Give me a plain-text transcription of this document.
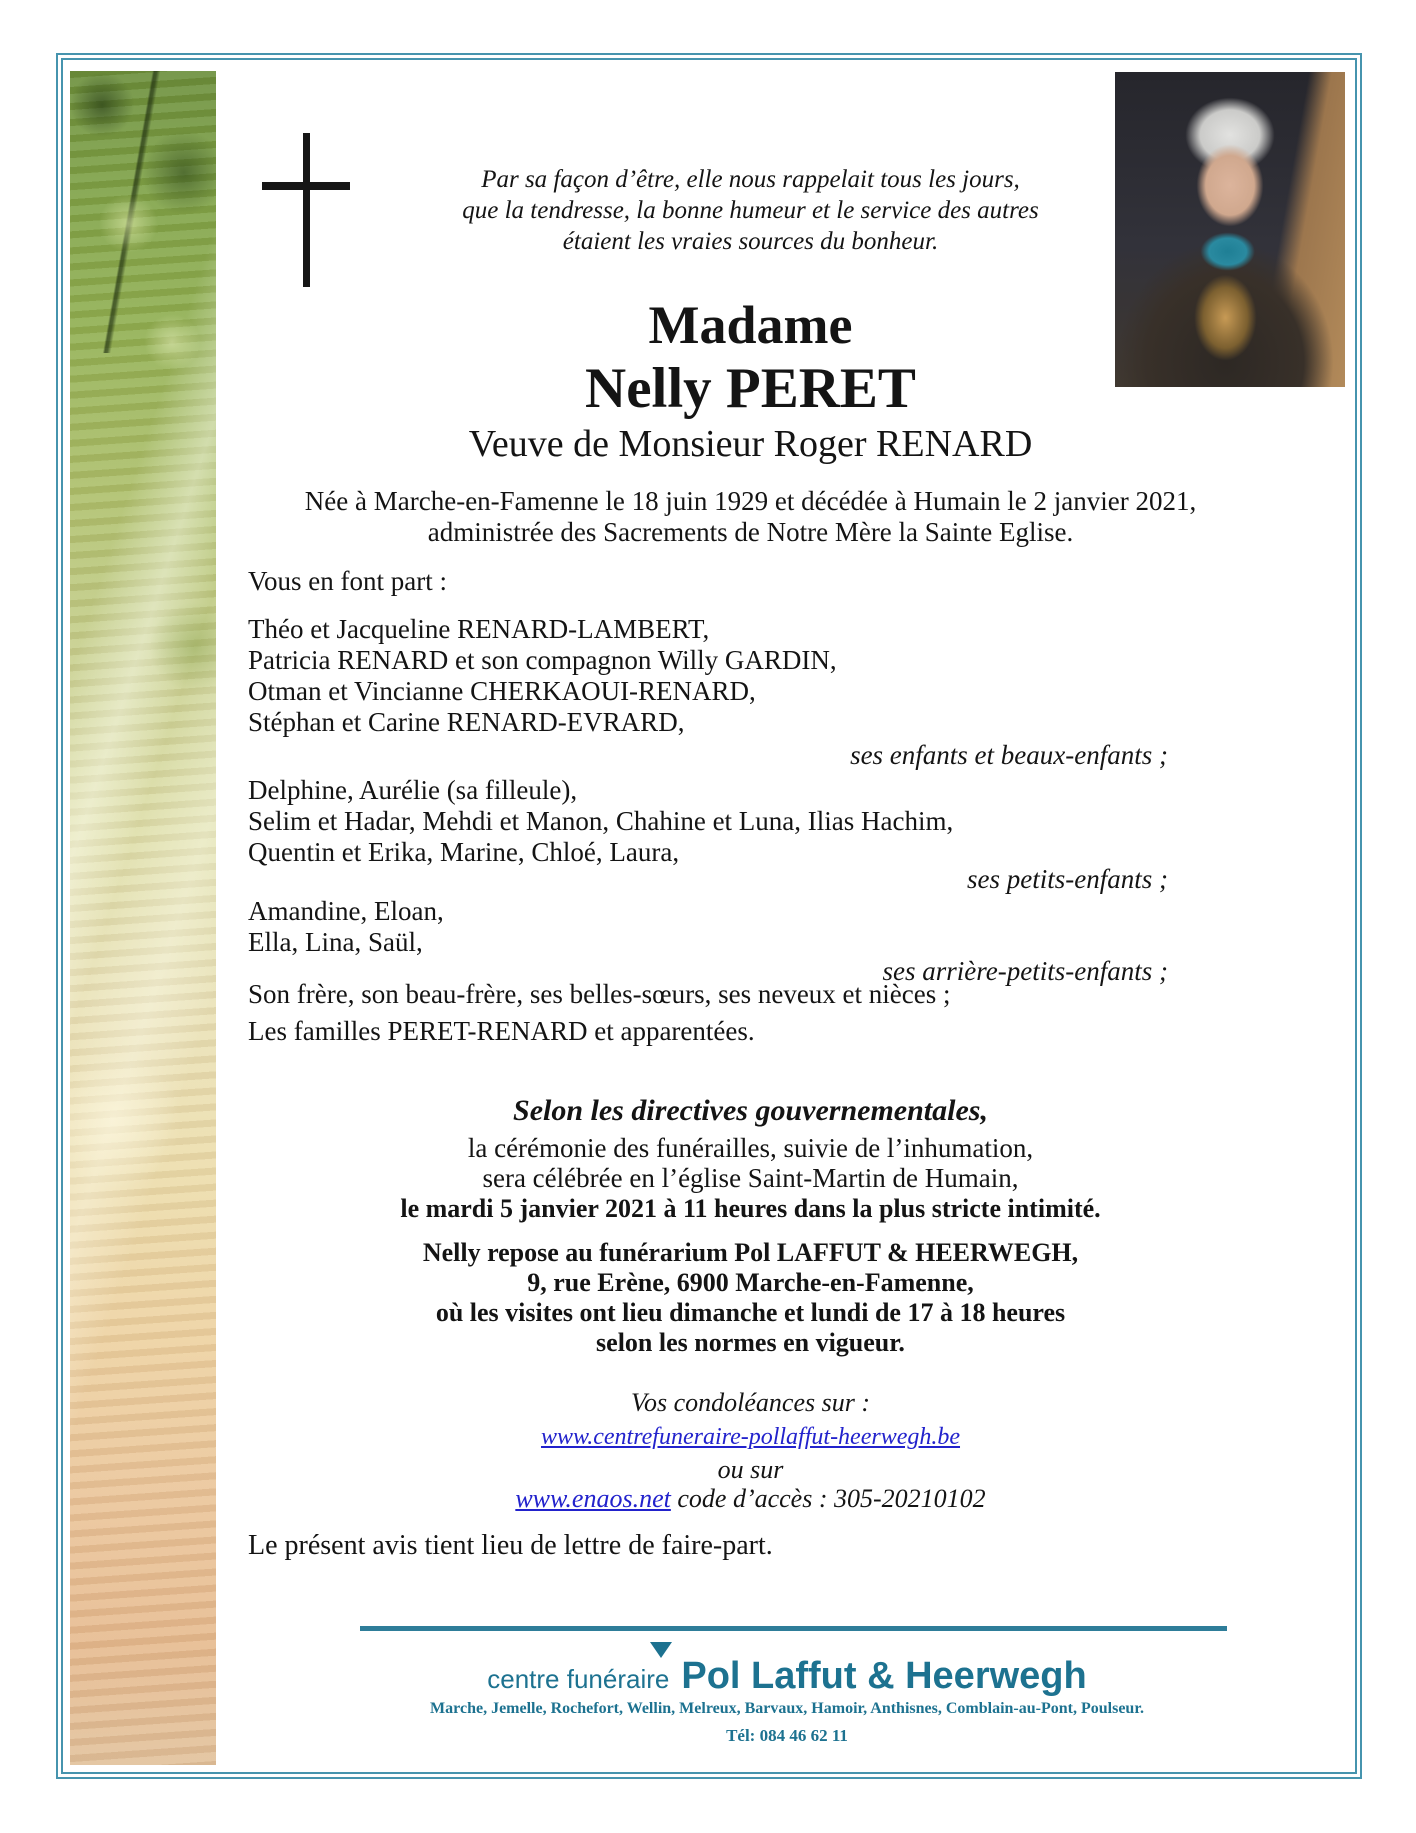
Par sa façon d’être, elle nous rappelait tous les jours,
que la tendresse, la bonne humeur et le service des autres
étaient les vraies sources du bonheur.
Madame
Nelly PERET
Veuve de Monsieur Roger RENARD
Née à Marche-en-Famenne le 18 juin 1929 et décédée à Humain le 2 janvier 2021,
administrée des Sacrements de Notre Mère la Sainte Eglise.
Vous en font part :
Théo et Jacqueline RENARD-LAMBERT,
Patricia RENARD et son compagnon Willy GARDIN,
Otman et Vincianne CHERKAOUI-RENARD,
Stéphan et Carine RENARD-EVRARD,
ses enfants et beaux-enfants ;
Delphine, Aurélie (sa filleule),
Selim et Hadar, Mehdi et Manon, Chahine et Luna, Ilias Hachim,
Quentin et Erika, Marine, Chloé, Laura,
ses petits-enfants ;
Amandine, Eloan,
Ella, Lina, Saül,
ses arrière-petits-enfants ;
Son frère, son beau-frère, ses belles-sœurs, ses neveux et nièces ;
Les familles PERET-RENARD et apparentées.
Selon les directives gouvernementales,
la cérémonie des funérailles, suivie de l’inhumation,
sera célébrée en l’église Saint-Martin de Humain,
le mardi 5 janvier 2021 à 11 heures dans la plus stricte intimité.
Nelly repose au funérarium Pol LAFFUT & HEERWEGH,
9, rue Erène, 6900 Marche-en-Famenne,
où les visites ont lieu dimanche et lundi de 17 à 18 heures
selon les normes en vigueur.
Vos condoléances sur :
www.centrefuneraire-pollaffut-heerwegh.be
ou sur
www.enaos.net code d’accès : 305-20210102
Le présent avis tient lieu de lettre de faire-part.
centre funéraire Pol Laffut & Heerwegh
Marche, Jemelle, Rochefort, Wellin, Melreux, Barvaux, Hamoir, Anthisnes, Comblain-au-Pont, Poulseur.
Tél: 084 46 62 11
